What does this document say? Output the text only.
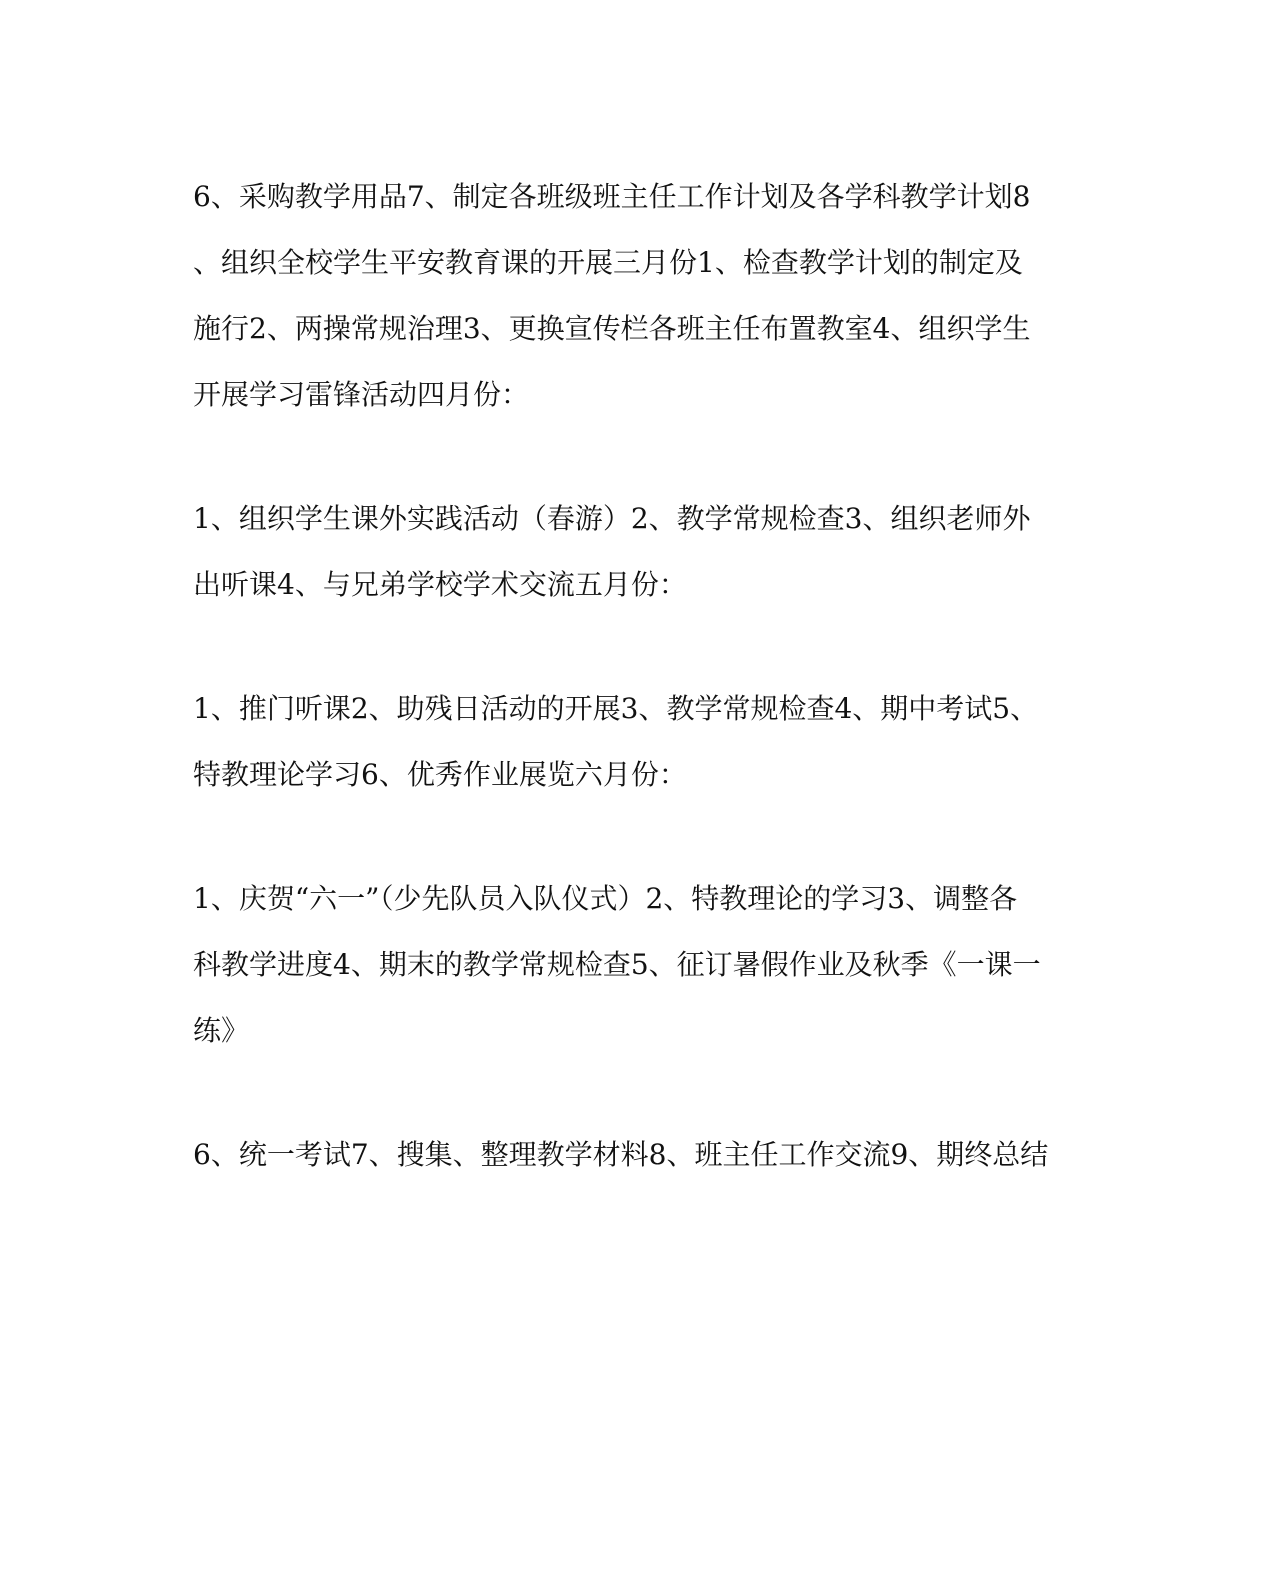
6、采购教学用品7、制定各班级班主任工作计划及各学科教学计划8
、组织全校学生平安教育课的开展三月份1、检查教学计划的制定及
施行2、两操常规治理3、更换宣传栏各班主任布置教室4、组织学生
开展学习雷锋活动四月份：

1、组织学生课外实践活动（春游）2、教学常规检查3、组织老师外
出听课4、与兄弟学校学术交流五月份：

1、推门听课2、助残日活动的开展3、教学常规检查4、期中考试5、
特教理论学习6、优秀作业展览六月份：

1、庆贺“六一”（少先队员入队仪式）2、特教理论的学习3、调整各
科教学进度4、期末的教学常规检查5、征订暑假作业及秋季《一课一
练》

6、统一考试7、搜集、整理教学材料8、班主任工作交流9、期终总结
